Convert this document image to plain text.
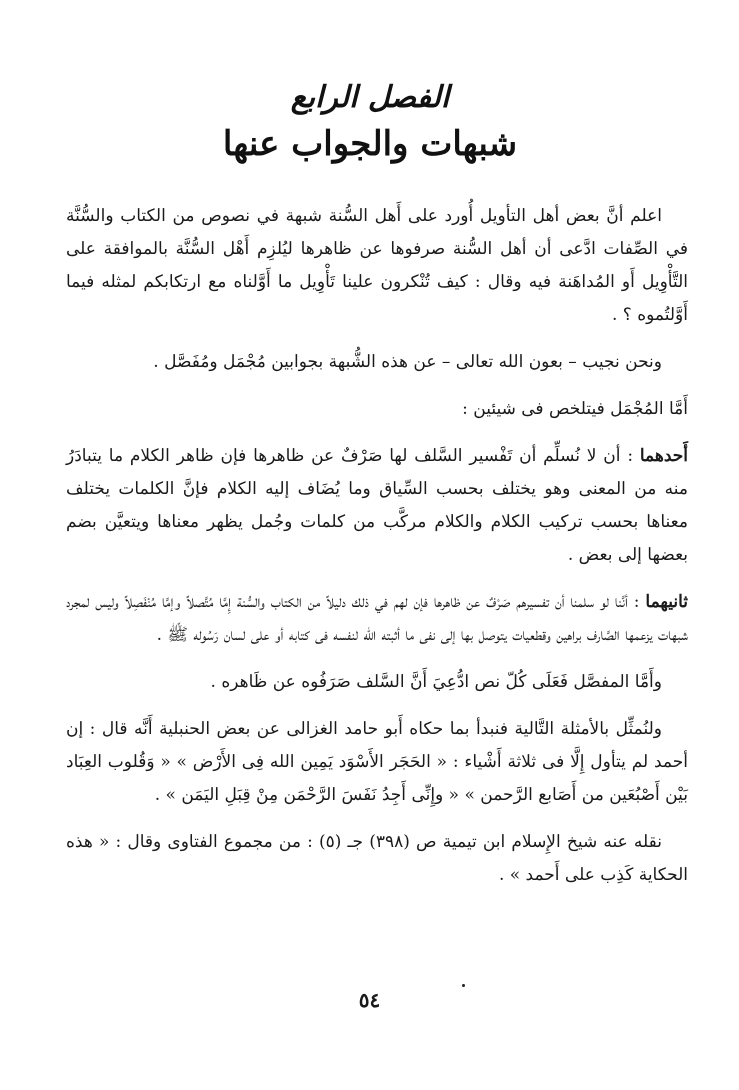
الفصل الرابع
شبهات والجواب عنها

اعلم أنَّ بعض أهل التأويل أُورد على أَهل السُّنة شبهة في نصوص من الكتاب والسُّنَّة في الصِّفات ادَّعى أن أهل السُّنة صرفوها عن ظاهرها ليُلزِم أَهْل السُّنَّة بالموافقة على التَّأْوِيل أَو المُداهَنة فيه وقال : كيف تُنْكرون علينا تَأْوِيل ما أَوَّلناه مع ارتكابكم لمثله فيما أَوَّلتُموه ؟ .

ونحن نجيب – بعون الله تعالى – عن هذه الشُّبهة بجوابين مُجْمَل ومُفَصَّل .

أَمَّا المُجْمَل فيتلخص فى شيئين :

أَحدهما : أن لا نُسلِّم أن تَفْسير السَّلف لها صَرْفٌ عن ظاهرها فإن ظاهر الكلام ما يتبادَرُ منه من المعنى وهو يختلف بحسب السِّياق وما يُضَاف إليه الكلام فإنَّ الكلمات يختلف معناها بحسب تركيب الكلام والكلام مركَّب من كلمات وجُمل يظهر معناها ويتعيَّن بضم بعضها إلى بعض .

ثانيهما : أنَّنا لو سلمنا أن تفسيرهم صَرْفٌ عن ظاهرها فإن لهم في ذلك دليلاً من الكتاب والسُّنة إِمَّا مُتَّصلاً وإمَّا مُنْفَصِلاً وليس لمجرد شبهات يزعمها الصَّارف براهين وقطعيات يتوصل بها إلى نفى ما أثبته الله لنفسه فى كتابه أو على لسان رَسُوله ﷺ .

وأَمَّا المفصَّل فَعَلَى كُلّ نص ادُّعِيَ أَنَّ السَّلف صَرَفُوه عن ظَاهره .

ولنُمثِّل بالأمثلة التَّالية فنبدأ بما حكاه أَبو حامد الغزالى عن بعض الحنبلية أَنَّه قال : إن أحمد لم يتأول إِلَّا فى ثلاثة أَشْياء : « الحَجَر الأَسْوَد يَمِين الله فِى الأَرْض » « وَقُلوب العِبَاد بَيْن أَصْبُعَين من أَصَابع الرَّحمن » « وإِنِّى أَجِدُ نَفَسَ الرَّحْمَن مِنْ قِبَلِ اليَمَن » .

نقله عنه شيخ الإِسلام ابن تيمية ص (٣٩٨) جـ (٥) : من مجموع الفتاوى وقال : « هذه الحكاية كَذِب على أَحمد » .

٥٤
